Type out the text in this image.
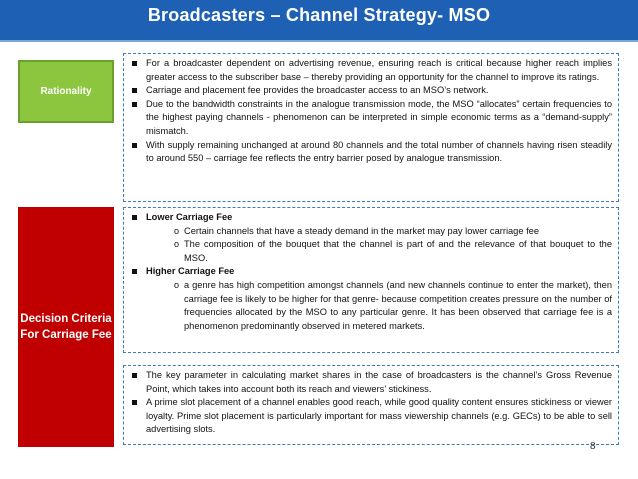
Broadcasters – Channel Strategy- MSO
Rationality
Decision Criteria For Carriage Fee
For a broadcaster dependent on advertising revenue, ensuring reach is critical because higher reach implies greater access to the subscriber base – thereby providing an opportunity for the channel to improve its ratings.
Carriage and placement fee provides the broadcaster access to an MSO’s network.
Due to the bandwidth constraints in the analogue transmission mode, the MSO “allocates” certain frequencies to the highest paying channels - phenomenon can be interpreted in simple economic terms as a “demand-supply” mismatch.
With supply remaining unchanged at around 80 channels and the total number of channels having risen steadily to around 550 – carriage fee reflects the entry barrier posed by analogue transmission.
Lower Carriage Fee
o Certain channels that have a steady demand in the market may pay lower carriage fee
o The composition of the bouquet that the channel is part of and the relevance of that bouquet to the MSO.
Higher Carriage Fee
o a genre has high competition amongst channels (and new channels continue to enter the market), then carriage fee is likely to be higher for that genre- because competition creates pressure on the number of frequencies allocated by the MSO to any particular genre. It has been observed that carriage fee is a phenomenon predominantly observed in metered markets.
The key parameter in calculating market shares in the case of broadcasters is the channel’s Gross Revenue Point, which takes into account both its reach and viewers’ stickiness.
A prime slot placement of a channel enables good reach, while good quality content ensures stickiness or viewer loyalty. Prime slot placement is particularly important for mass viewership channels (e.g. GECs) to be able to sell advertising slots.
8
